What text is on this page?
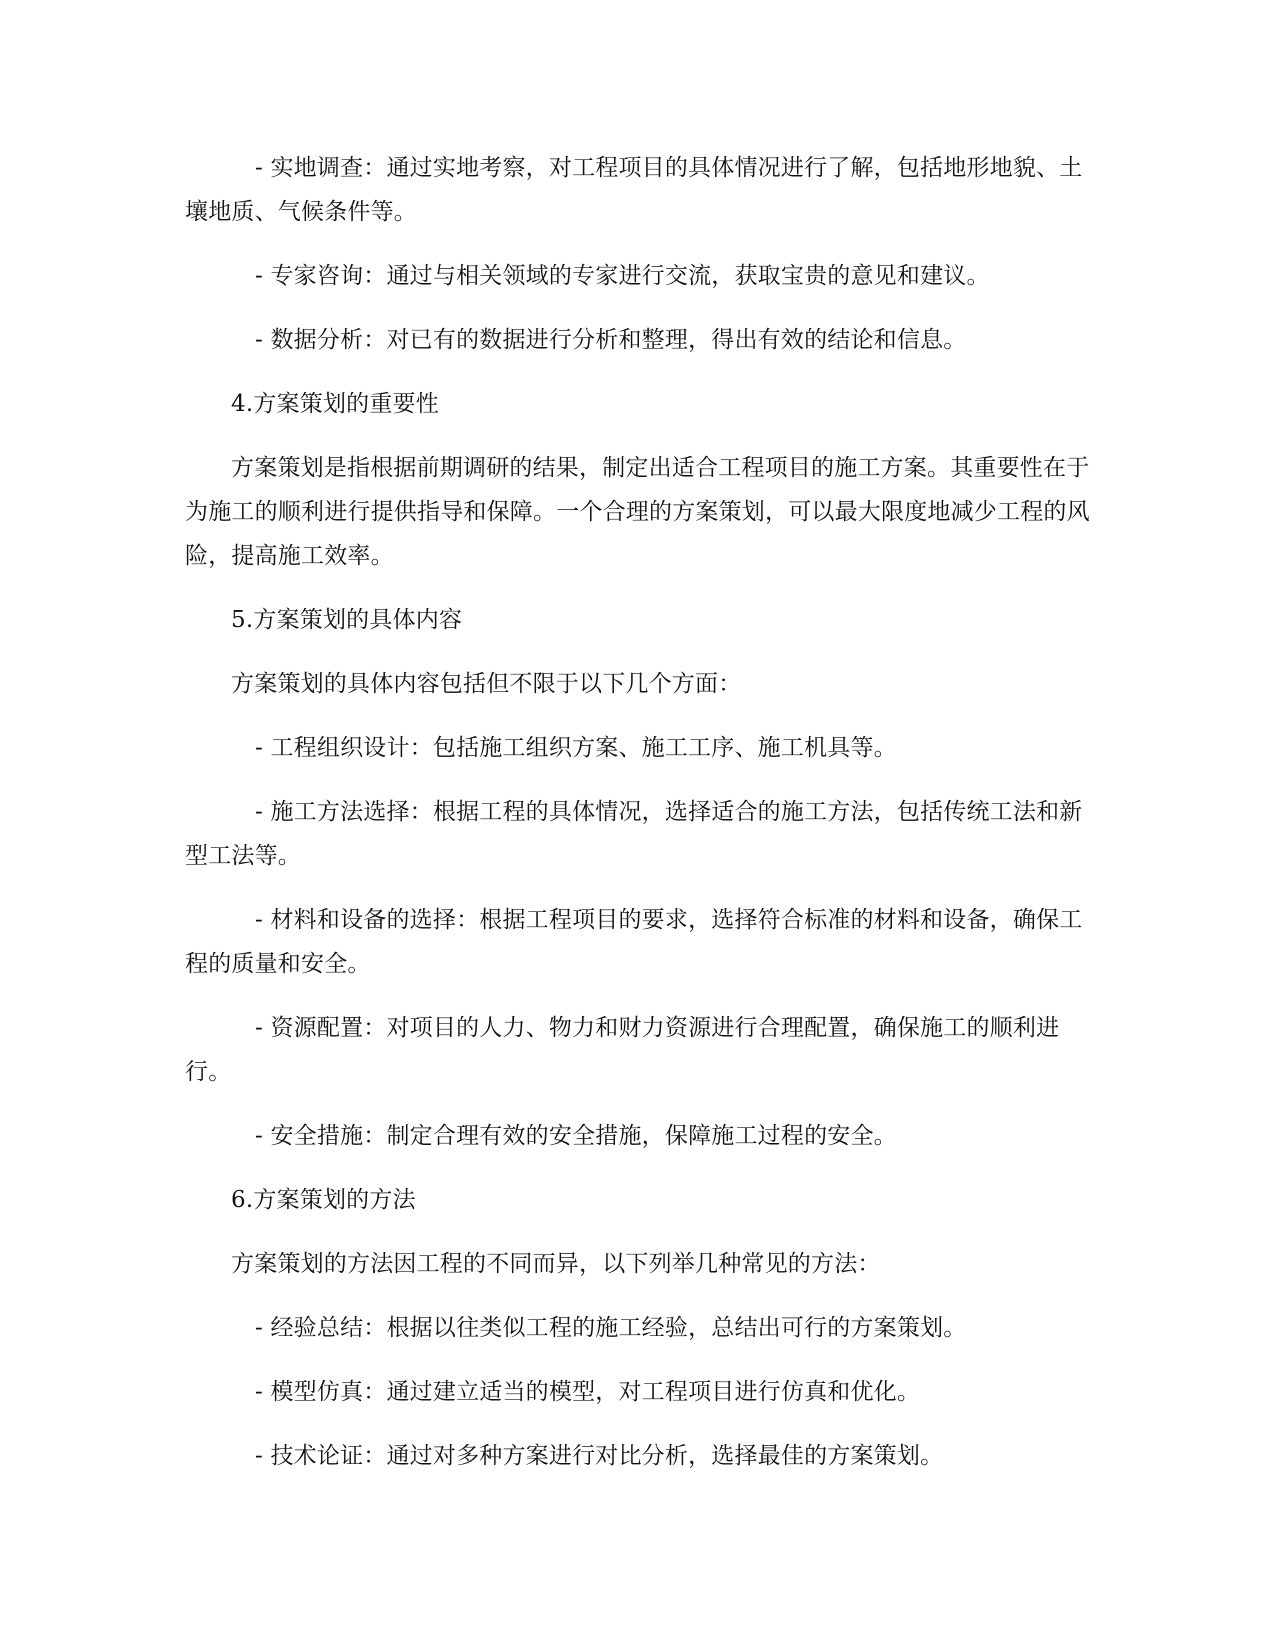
- 实地调查：通过实地考察，对工程项目的具体情况进行了解，包括地形地貌、土壤地质、气候条件等。

- 专家咨询：通过与相关领域的专家进行交流，获取宝贵的意见和建议。

- 数据分析：对已有的数据进行分析和整理，得出有效的结论和信息。

4.方案策划的重要性

方案策划是指根据前期调研的结果，制定出适合工程项目的施工方案。其重要性在于为施工的顺利进行提供指导和保障。一个合理的方案策划，可以最大限度地减少工程的风险，提高施工效率。

5.方案策划的具体内容

方案策划的具体内容包括但不限于以下几个方面：

- 工程组织设计：包括施工组织方案、施工工序、施工机具等。

- 施工方法选择：根据工程的具体情况，选择适合的施工方法，包括传统工法和新型工法等。

- 材料和设备的选择：根据工程项目的要求，选择符合标准的材料和设备，确保工程的质量和安全。

- 资源配置：对项目的人力、物力和财力资源进行合理配置，确保施工的顺利进行。

- 安全措施：制定合理有效的安全措施，保障施工过程的安全。

6.方案策划的方法

方案策划的方法因工程的不同而异，以下列举几种常见的方法：

- 经验总结：根据以往类似工程的施工经验，总结出可行的方案策划。

- 模型仿真：通过建立适当的模型，对工程项目进行仿真和优化。

- 技术论证：通过对多种方案进行对比分析，选择最佳的方案策划。
